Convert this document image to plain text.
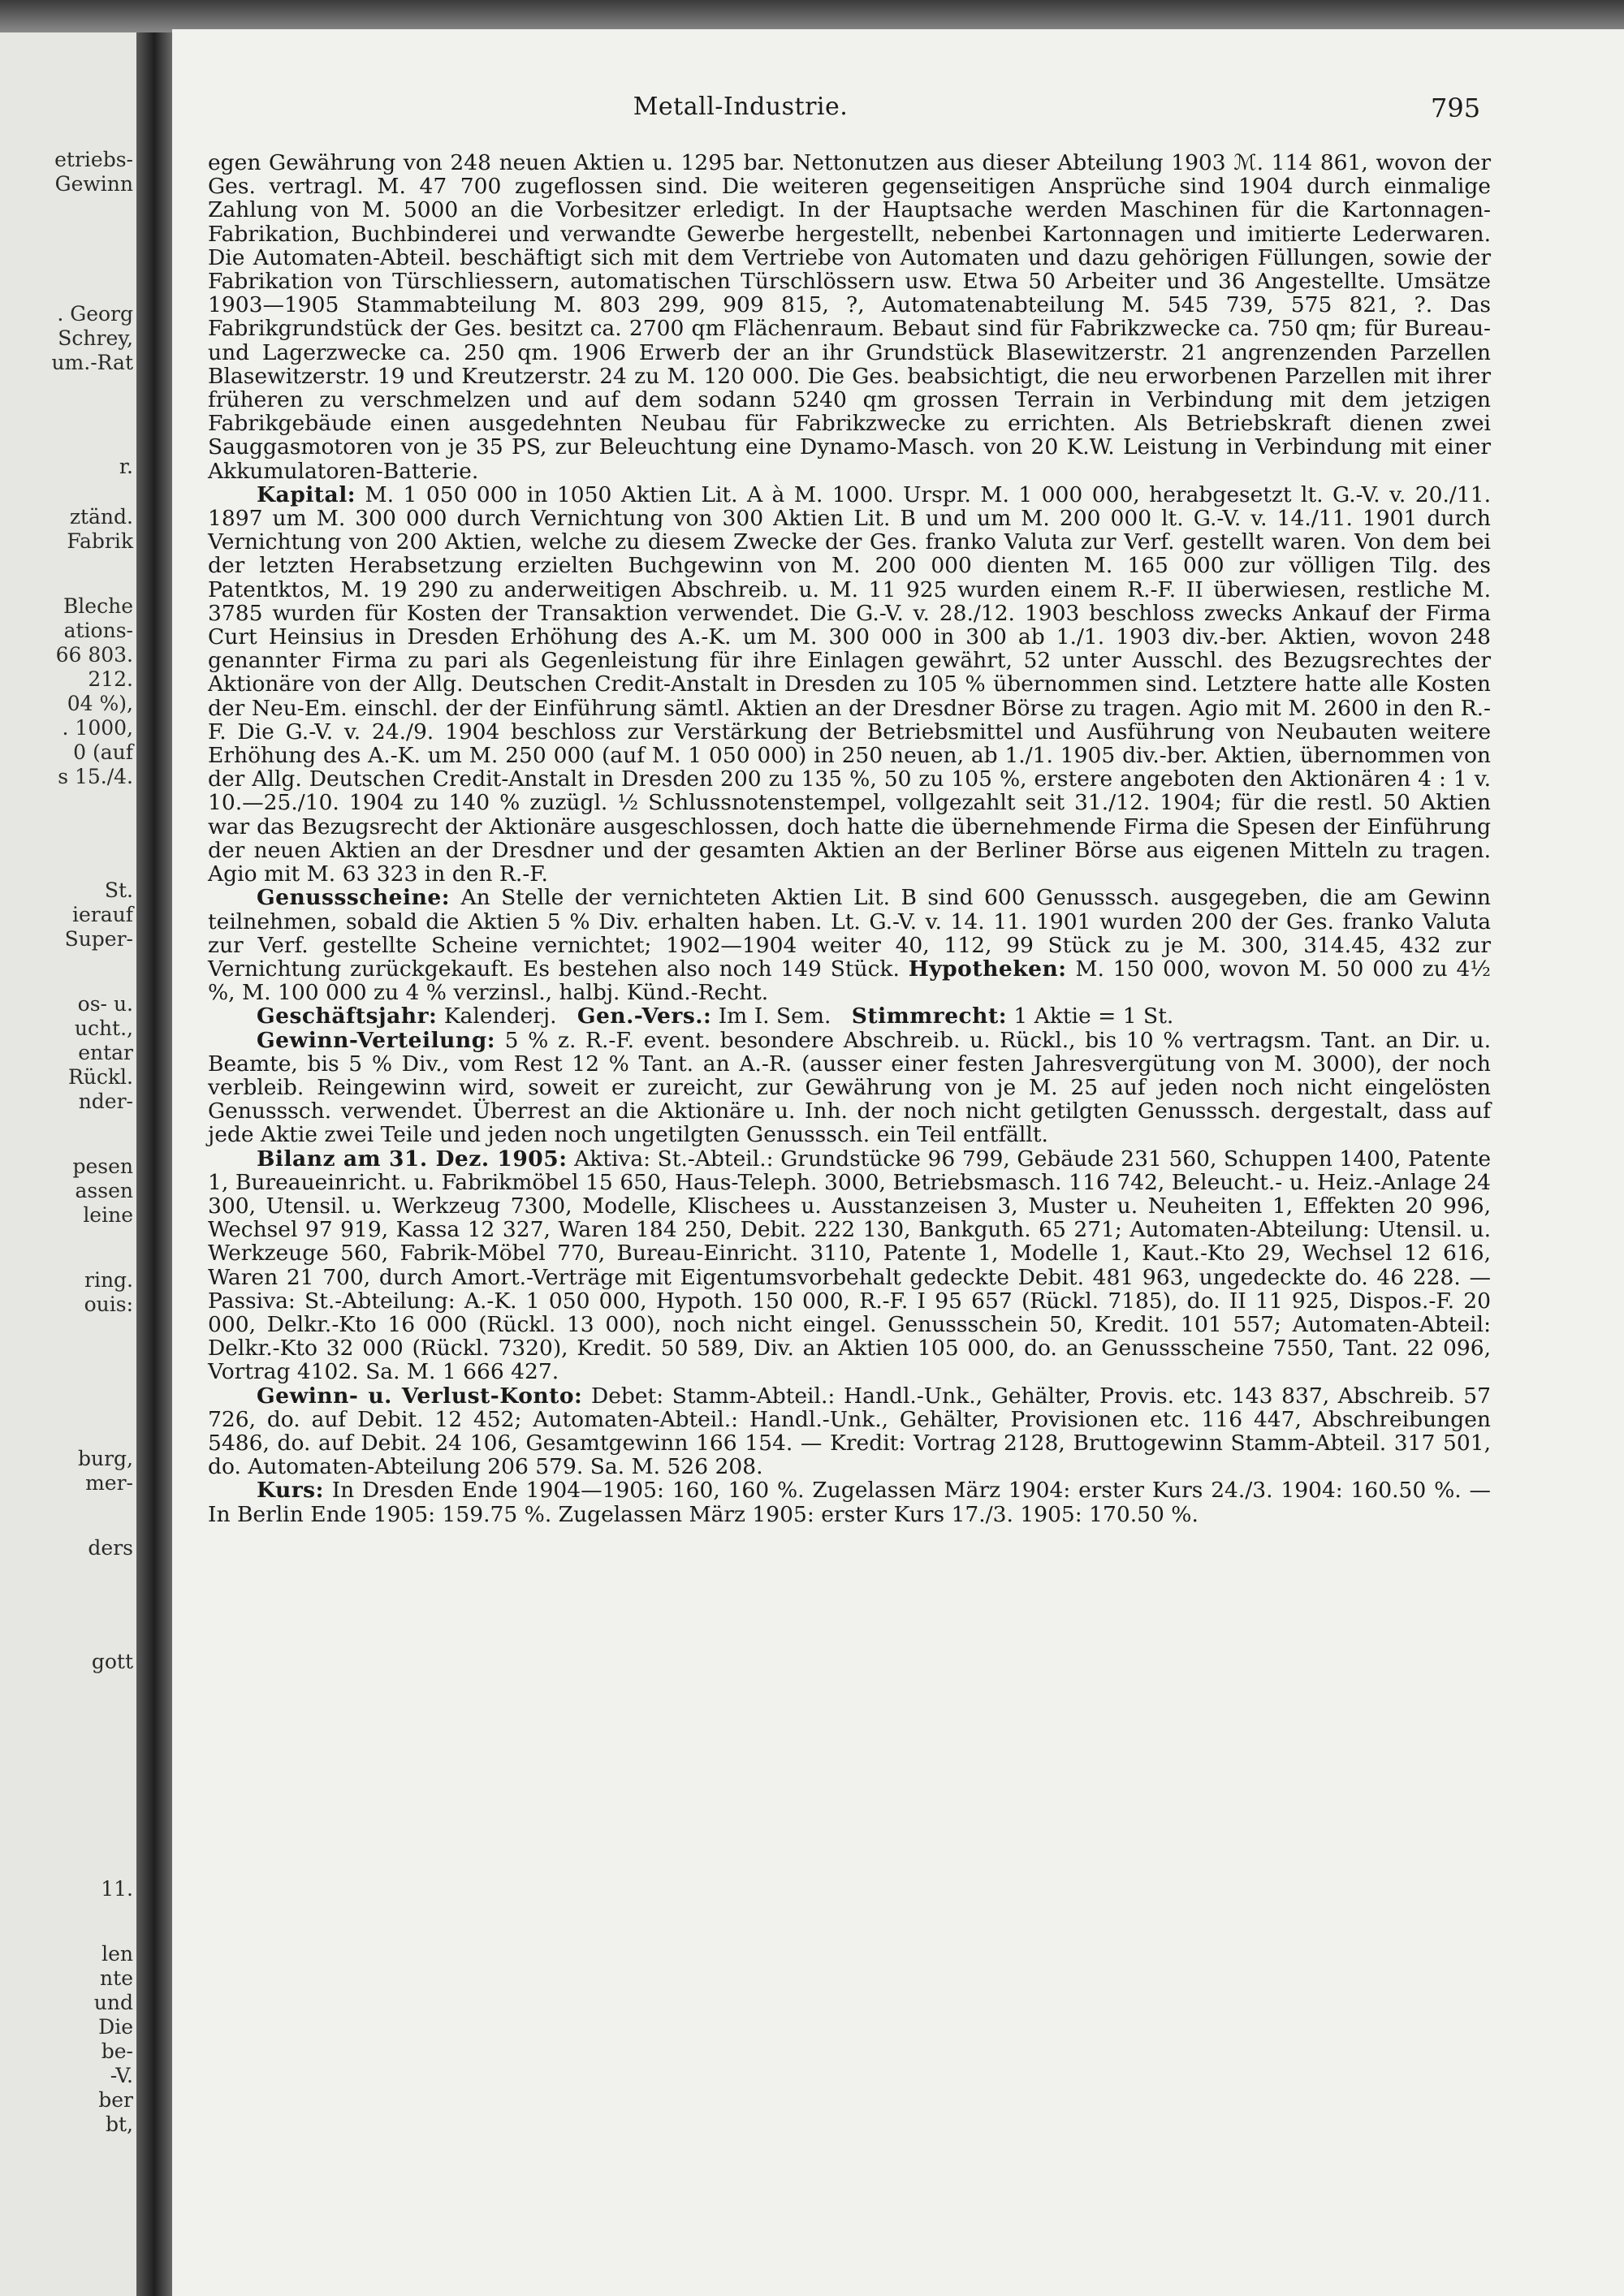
etriebs-
Gewinn
. Georg
Schrey,
um.-Rat
r.
ztänd.
Fabrik
Bleche
ations-
66 803.
212.
04 %),
. 1000,
0 (auf
s 15./4.
St.
ierauf
Super-
os- u.
ucht.,
entar
Rückl.
nder-
pesen
assen
leine
ring.
ouis:
burg,
mer-
ders
gott
11.
len
nte
und
Die
be-
-V.
ber
bt,
Metall-Industrie.	795

egen Gewährung von 248 neuen Aktien u. 1295 bar. Nettonutzen aus dieser Abteilung 1903 ℳ. 114 861, wovon der Ges. vertragl. M. 47 700 zugeflossen sind. Die weiteren gegenseitigen Ansprüche sind 1904 durch einmalige Zahlung von M. 5000 an die Vorbesitzer erledigt. In der Hauptsache werden Maschinen für die Kartonnagen-Fabrikation, Buchbinderei und verwandte Gewerbe hergestellt, nebenbei Kartonnagen und imitierte Lederwaren. Die Automaten-Abteil. beschäftigt sich mit dem Vertriebe von Automaten und dazu gehörigen Füllungen, sowie der Fabrikation von Türschliessern, automatischen Türschlössern usw. Etwa 50 Arbeiter und 36 Angestellte. Umsätze 1903—1905 Stammabteilung M. 803 299, 909 815, ?, Automatenabteilung M. 545 739, 575 821, ?. Das Fabrikgrundstück der Ges. besitzt ca. 2700 qm Flächenraum. Bebaut sind für Fabrikzwecke ca. 750 qm; für Bureau- und Lagerzwecke ca. 250 qm. 1906 Erwerb der an ihr Grundstück Blasewitzerstr. 21 angrenzenden Parzellen Blasewitzerstr. 19 und Kreutzerstr. 24 zu M. 120 000. Die Ges. beabsichtigt, die neu erworbenen Parzellen mit ihrer früheren zu verschmelzen und auf dem sodann 5240 qm grossen Terrain in Verbindung mit dem jetzigen Fabrikgebäude einen ausgedehnten Neubau für Fabrikzwecke zu errichten. Als Betriebskraft dienen zwei Sauggasmotoren von je 35 PS, zur Beleuchtung eine Dynamo-Masch. von 20 K.W. Leistung in Verbindung mit einer Akkumulatoren-Batterie.

Kapital: M. 1 050 000 in 1050 Aktien Lit. A à M. 1000. Urspr. M. 1 000 000, herabgesetzt lt. G.-V. v. 20./11. 1897 um M. 300 000 durch Vernichtung von 300 Aktien Lit. B und um M. 200 000 lt. G.-V. v. 14./11. 1901 durch Vernichtung von 200 Aktien, welche zu diesem Zwecke der Ges. franko Valuta zur Verf. gestellt waren. Von dem bei der letzten Herabsetzung erzielten Buchgewinn von M. 200 000 dienten M. 165 000 zur völligen Tilg. des Patentktos, M. 19 290 zu anderweitigen Abschreib. u. M. 11 925 wurden einem R.-F. II überwiesen, restliche M. 3785 wurden für Kosten der Transaktion verwendet. Die G.-V. v. 28./12. 1903 beschloss zwecks Ankauf der Firma Curt Heinsius in Dresden Erhöhung des A.-K. um M. 300 000 in 300 ab 1./1. 1903 div.-ber. Aktien, wovon 248 genannter Firma zu pari als Gegenleistung für ihre Einlagen gewährt, 52 unter Ausschl. des Bezugsrechtes der Aktionäre von der Allg. Deutschen Credit-Anstalt in Dresden zu 105 % übernommen sind. Letztere hatte alle Kosten der Neu-Em. einschl. der der Einführung sämtl. Aktien an der Dresdner Börse zu tragen. Agio mit M. 2600 in den R.-F. Die G.-V. v. 24./9. 1904 beschloss zur Verstärkung der Betriebsmittel und Ausführung von Neubauten weitere Erhöhung des A.-K. um M. 250 000 (auf M. 1 050 000) in 250 neuen, ab 1./1. 1905 div.-ber. Aktien, übernommen von der Allg. Deutschen Credit-Anstalt in Dresden 200 zu 135 %, 50 zu 105 %, erstere angeboten den Aktionären 4 : 1 v. 10.—25./10. 1904 zu 140 % zuzügl. ½ Schlussnotenstempel, vollgezahlt seit 31./12. 1904; für die restl. 50 Aktien war das Bezugsrecht der Aktionäre ausgeschlossen, doch hatte die übernehmende Firma die Spesen der Einführung der neuen Aktien an der Dresdner und der gesamten Aktien an der Berliner Börse aus eigenen Mitteln zu tragen. Agio mit M. 63 323 in den R.-F.

Genussscheine: An Stelle der vernichteten Aktien Lit. B sind 600 Genusssch. ausgegeben, die am Gewinn teilnehmen, sobald die Aktien 5 % Div. erhalten haben. Lt. G.-V. v. 14. 11. 1901 wurden 200 der Ges. franko Valuta zur Verf. gestellte Scheine vernichtet; 1902—1904 weiter 40, 112, 99 Stück zu je M. 300, 314.45, 432 zur Vernichtung zurückgekauft. Es bestehen also noch 149 Stück. Hypotheken: M. 150 000, wovon M. 50 000 zu 4½ %, M. 100 000 zu 4 % verzinsl., halbj. Künd.-Recht.

Geschäftsjahr: Kalenderj. Gen.-Vers.: Im I. Sem. Stimmrecht: 1 Aktie = 1 St.

Gewinn-Verteilung: 5 % z. R.-F. event. besondere Abschreib. u. Rückl., bis 10 % vertragsm. Tant. an Dir. u. Beamte, bis 5 % Div., vom Rest 12 % Tant. an A.-R. (ausser einer festen Jahresvergütung von M. 3000), der noch verbleib. Reingewinn wird, soweit er zureicht, zur Gewährung von je M. 25 auf jeden noch nicht eingelösten Genusssch. verwendet. Überrest an die Aktionäre u. Inh. der noch nicht getilgten Genusssch. dergestalt, dass auf jede Aktie zwei Teile und jeden noch ungetilgten Genusssch. ein Teil entfällt.

Bilanz am 31. Dez. 1905: Aktiva: St.-Abteil.: Grundstücke 96 799, Gebäude 231 560, Schuppen 1400, Patente 1, Bureaueinricht. u. Fabrikmöbel 15 650, Haus-Teleph. 3000, Betriebsmasch. 116 742, Beleucht.- u. Heiz.-Anlage 24 300, Utensil. u. Werkzeug 7300, Modelle, Klischees u. Ausstanzeisen 3, Muster u. Neuheiten 1, Effekten 20 996, Wechsel 97 919, Kassa 12 327, Waren 184 250, Debit. 222 130, Bankguth. 65 271; Automaten-Abteilung: Utensil. u. Werkzeuge 560, Fabrik-Möbel 770, Bureau-Einricht. 3110, Patente 1, Modelle 1, Kaut.-Kto 29, Wechsel 12 616, Waren 21 700, durch Amort.-Verträge mit Eigentumsvorbehalt gedeckte Debit. 481 963, ungedeckte do. 46 228. — Passiva: St.-Abteilung: A.-K. 1 050 000, Hypoth. 150 000, R.-F. I 95 657 (Rückl. 7185), do. II 11 925, Dispos.-F. 20 000, Delkr.-Kto 16 000 (Rückl. 13 000), noch nicht eingel. Genussschein 50, Kredit. 101 557; Automaten-Abteil: Delkr.-Kto 32 000 (Rückl. 7320), Kredit. 50 589, Div. an Aktien 105 000, do. an Genussscheine 7550, Tant. 22 096, Vortrag 4102. Sa. M. 1 666 427.

Gewinn- u. Verlust-Konto: Debet: Stamm-Abteil.: Handl.-Unk., Gehälter, Provis. etc. 143 837, Abschreib. 57 726, do. auf Debit. 12 452; Automaten-Abteil.: Handl.-Unk., Gehälter, Provisionen etc. 116 447, Abschreibungen 5486, do. auf Debit. 24 106, Gesamtgewinn 166 154. — Kredit: Vortrag 2128, Bruttogewinn Stamm-Abteil. 317 501, do. Automaten-Abteilung 206 579. Sa. M. 526 208.

Kurs: In Dresden Ende 1904—1905: 160, 160 %. Zugelassen März 1904: erster Kurs 24./3. 1904: 160.50 %. — In Berlin Ende 1905: 159.75 %. Zugelassen März 1905: erster Kurs 17./3. 1905: 170.50 %.
